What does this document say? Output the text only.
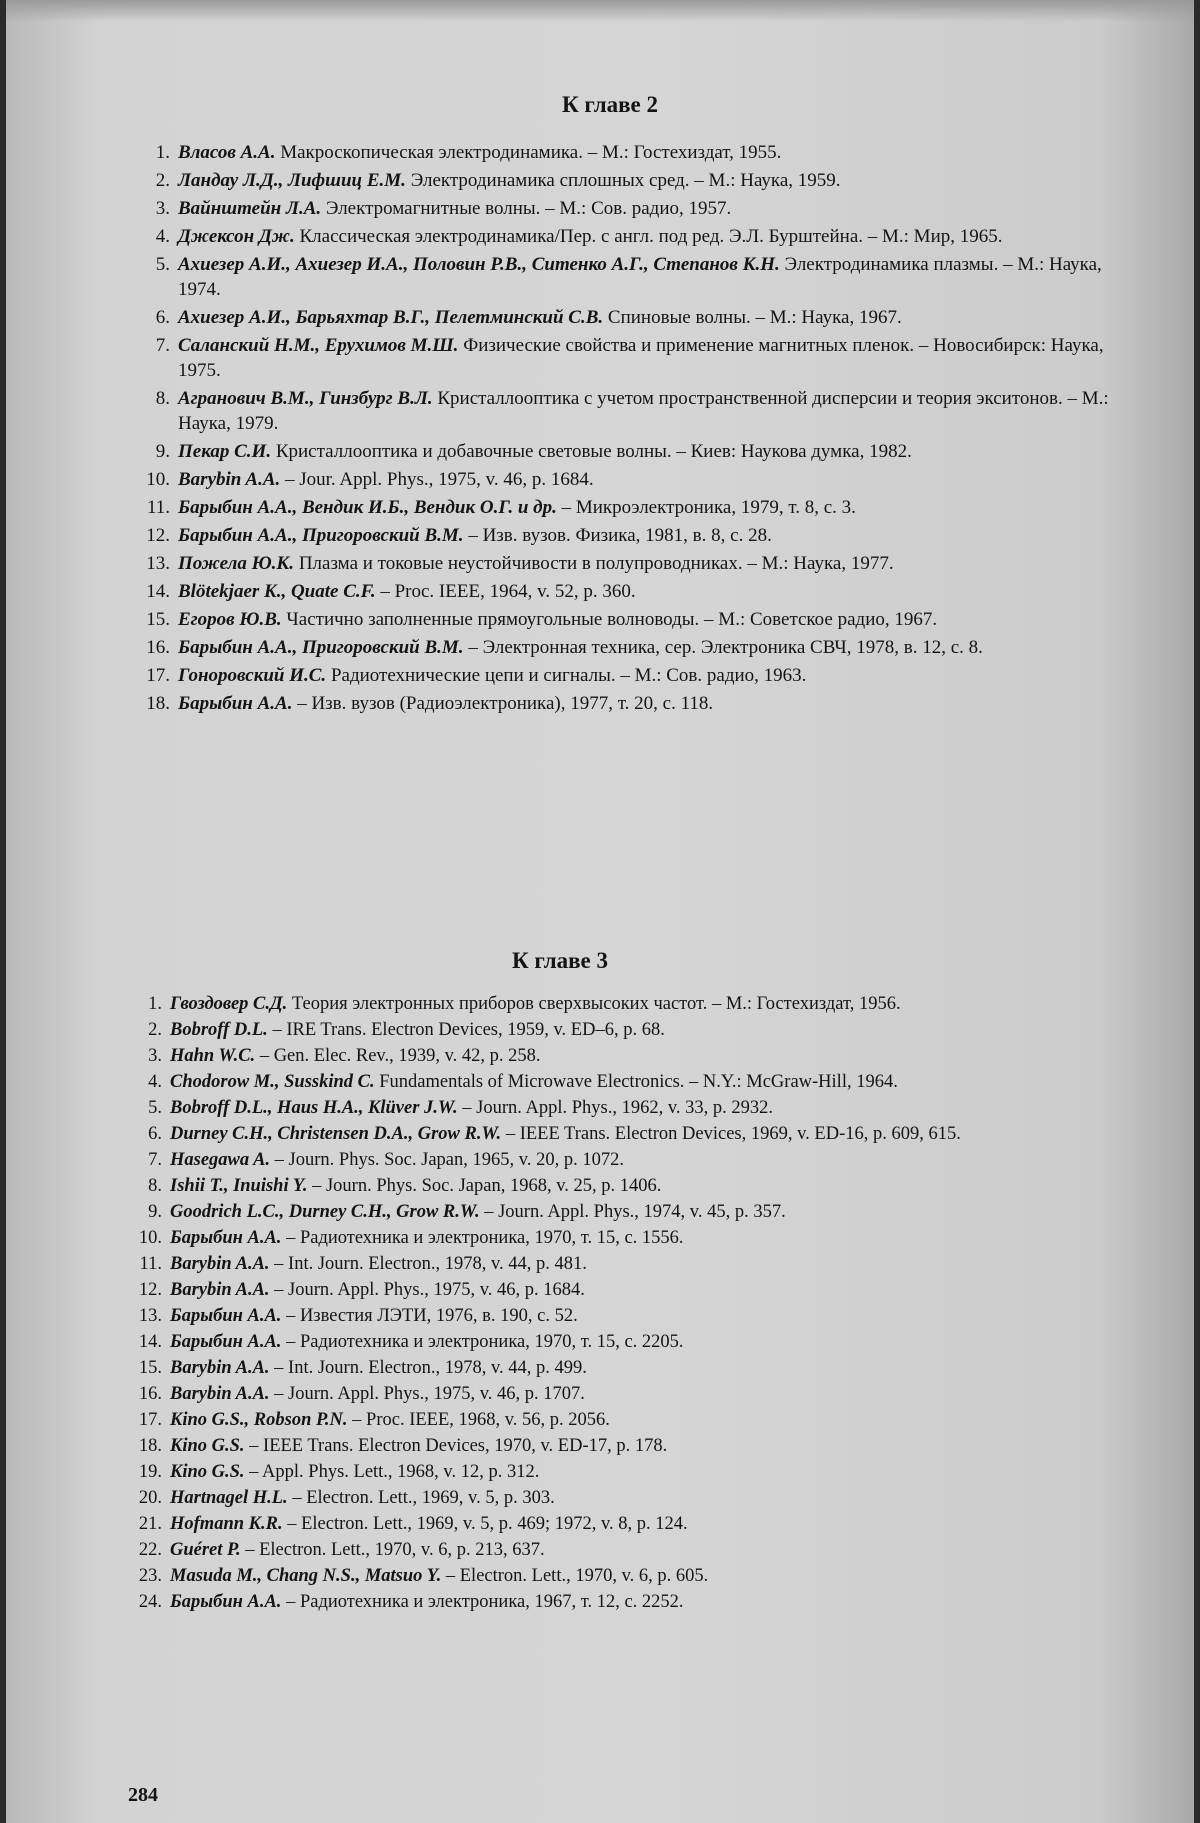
К главе 2
1. Власов А.А. Макроскопическая электродинамика. – М.: Гостехиздат, 1955.
2. Ландау Л.Д., Лифшиц Е.М. Электродинамика сплошных сред. – М.: Наука, 1959.
3. Вайнштейн Л.А. Электромагнитные волны. – М.: Сов. радио, 1957.
4. Джексон Дж. Классическая электродинамика/Пер. с англ. под ред. Э.Л. Бурштейна. – М.: Мир, 1965.
5. Ахиезер А.И., Ахиезер И.А., Половин Р.В., Ситенко А.Г., Степанов К.Н. Электродинамика плазмы. – М.: Наука, 1974.
6. Ахиезер А.И., Барьяхтар В.Г., Пелетминский С.В. Спиновые волны. – М.: Наука, 1967.
7. Саланский Н.М., Ерухимов М.Ш. Физические свойства и применение магнитных пленок. – Новосибирск: Наука, 1975.
8. Агранович В.М., Гинзбург В.Л. Кристаллооптика с учетом пространственной дисперсии и теория экситонов. – М.: Наука, 1979.
9. Пекар С.И. Кристаллооптика и добавочные световые волны. – Киев: Наукова думка, 1982.
10. Barybin A.A. – Jour. Appl. Phys., 1975, v. 46, p. 1684.
11. Барыбин А.А., Вендик И.Б., Вендик О.Г. и др. – Микроэлектроника, 1979, т. 8, с. 3.
12. Барыбин А.А., Пригоровский В.М. – Изв. вузов. Физика, 1981, в. 8, с. 28.
13. Пожела Ю.К. Плазма и токовые неустойчивости в полупроводниках. – М.: Наука, 1977.
14. Blötekjaer K., Quate C.F. – Proc. IEEE, 1964, v. 52, p. 360.
15. Егоров Ю.В. Частично заполненные прямоугольные волноводы. – М.: Советское радио, 1967.
16. Барыбин А.А., Пригоровский В.М. – Электронная техника, сер. Электроника СВЧ, 1978, в. 12, с. 8.
17. Гоноровский И.С. Радиотехнические цепи и сигналы. – М.: Сов. радио, 1963.
18. Барыбин А.А. – Изв. вузов (Радиоэлектроника), 1977, т. 20, с. 118.
К главе 3
1. Гвоздовер С.Д. Теория электронных приборов сверхвысоких частот. – М.: Гостехиздат, 1956.
2. Bobroff D.L. – IRE Trans. Electron Devices, 1959, v. ED–6, p. 68.
3. Hahn W.C. – Gen. Elec. Rev., 1939, v. 42, p. 258.
4. Chodorow M., Susskind C. Fundamentals of Microwave Electronics. – N.Y.: McGraw-Hill, 1964.
5. Bobroff D.L., Haus H.A., Klüver J.W. – Journ. Appl. Phys., 1962, v. 33, p. 2932.
6. Durney C.H., Christensen D.A., Grow R.W. – IEEE Trans. Electron Devices, 1969, v. ED-16, p. 609, 615.
7. Hasegawa A. – Journ. Phys. Soc. Japan, 1965, v. 20, p. 1072.
8. Ishii T., Inuishi Y. – Journ. Phys. Soc. Japan, 1968, v. 25, p. 1406.
9. Goodrich L.C., Durney C.H., Grow R.W. – Journ. Appl. Phys., 1974, v. 45, p. 357.
10. Барыбин А.А. – Радиотехника и электроника, 1970, т. 15, с. 1556.
11. Barybin A.A. – Int. Journ. Electron., 1978, v. 44, p. 481.
12. Barybin A.A. – Journ. Appl. Phys., 1975, v. 46, p. 1684.
13. Барыбин А.А. – Известия ЛЭТИ, 1976, в. 190, с. 52.
14. Барыбин А.А. – Радиотехника и электроника, 1970, т. 15, с. 2205.
15. Barybin A.A. – Int. Journ. Electron., 1978, v. 44, p. 499.
16. Barybin A.A. – Journ. Appl. Phys., 1975, v. 46, p. 1707.
17. Kino G.S., Robson P.N. – Proc. IEEE, 1968, v. 56, p. 2056.
18. Kino G.S. – IEEE Trans. Electron Devices, 1970, v. ED-17, p. 178.
19. Kino G.S. – Appl. Phys. Lett., 1968, v. 12, p. 312.
20. Hartnagel H.L. – Electron. Lett., 1969, v. 5, p. 303.
21. Hofmann K.R. – Electron. Lett., 1969, v. 5, p. 469; 1972, v. 8, p. 124.
22. Guéret P. – Electron. Lett., 1970, v. 6, p. 213, 637.
23. Masuda M., Chang N.S., Matsuo Y. – Electron. Lett., 1970, v. 6, p. 605.
24. Барыбин А.А. – Радиотехника и электроника, 1967, т. 12, с. 2252.
284
